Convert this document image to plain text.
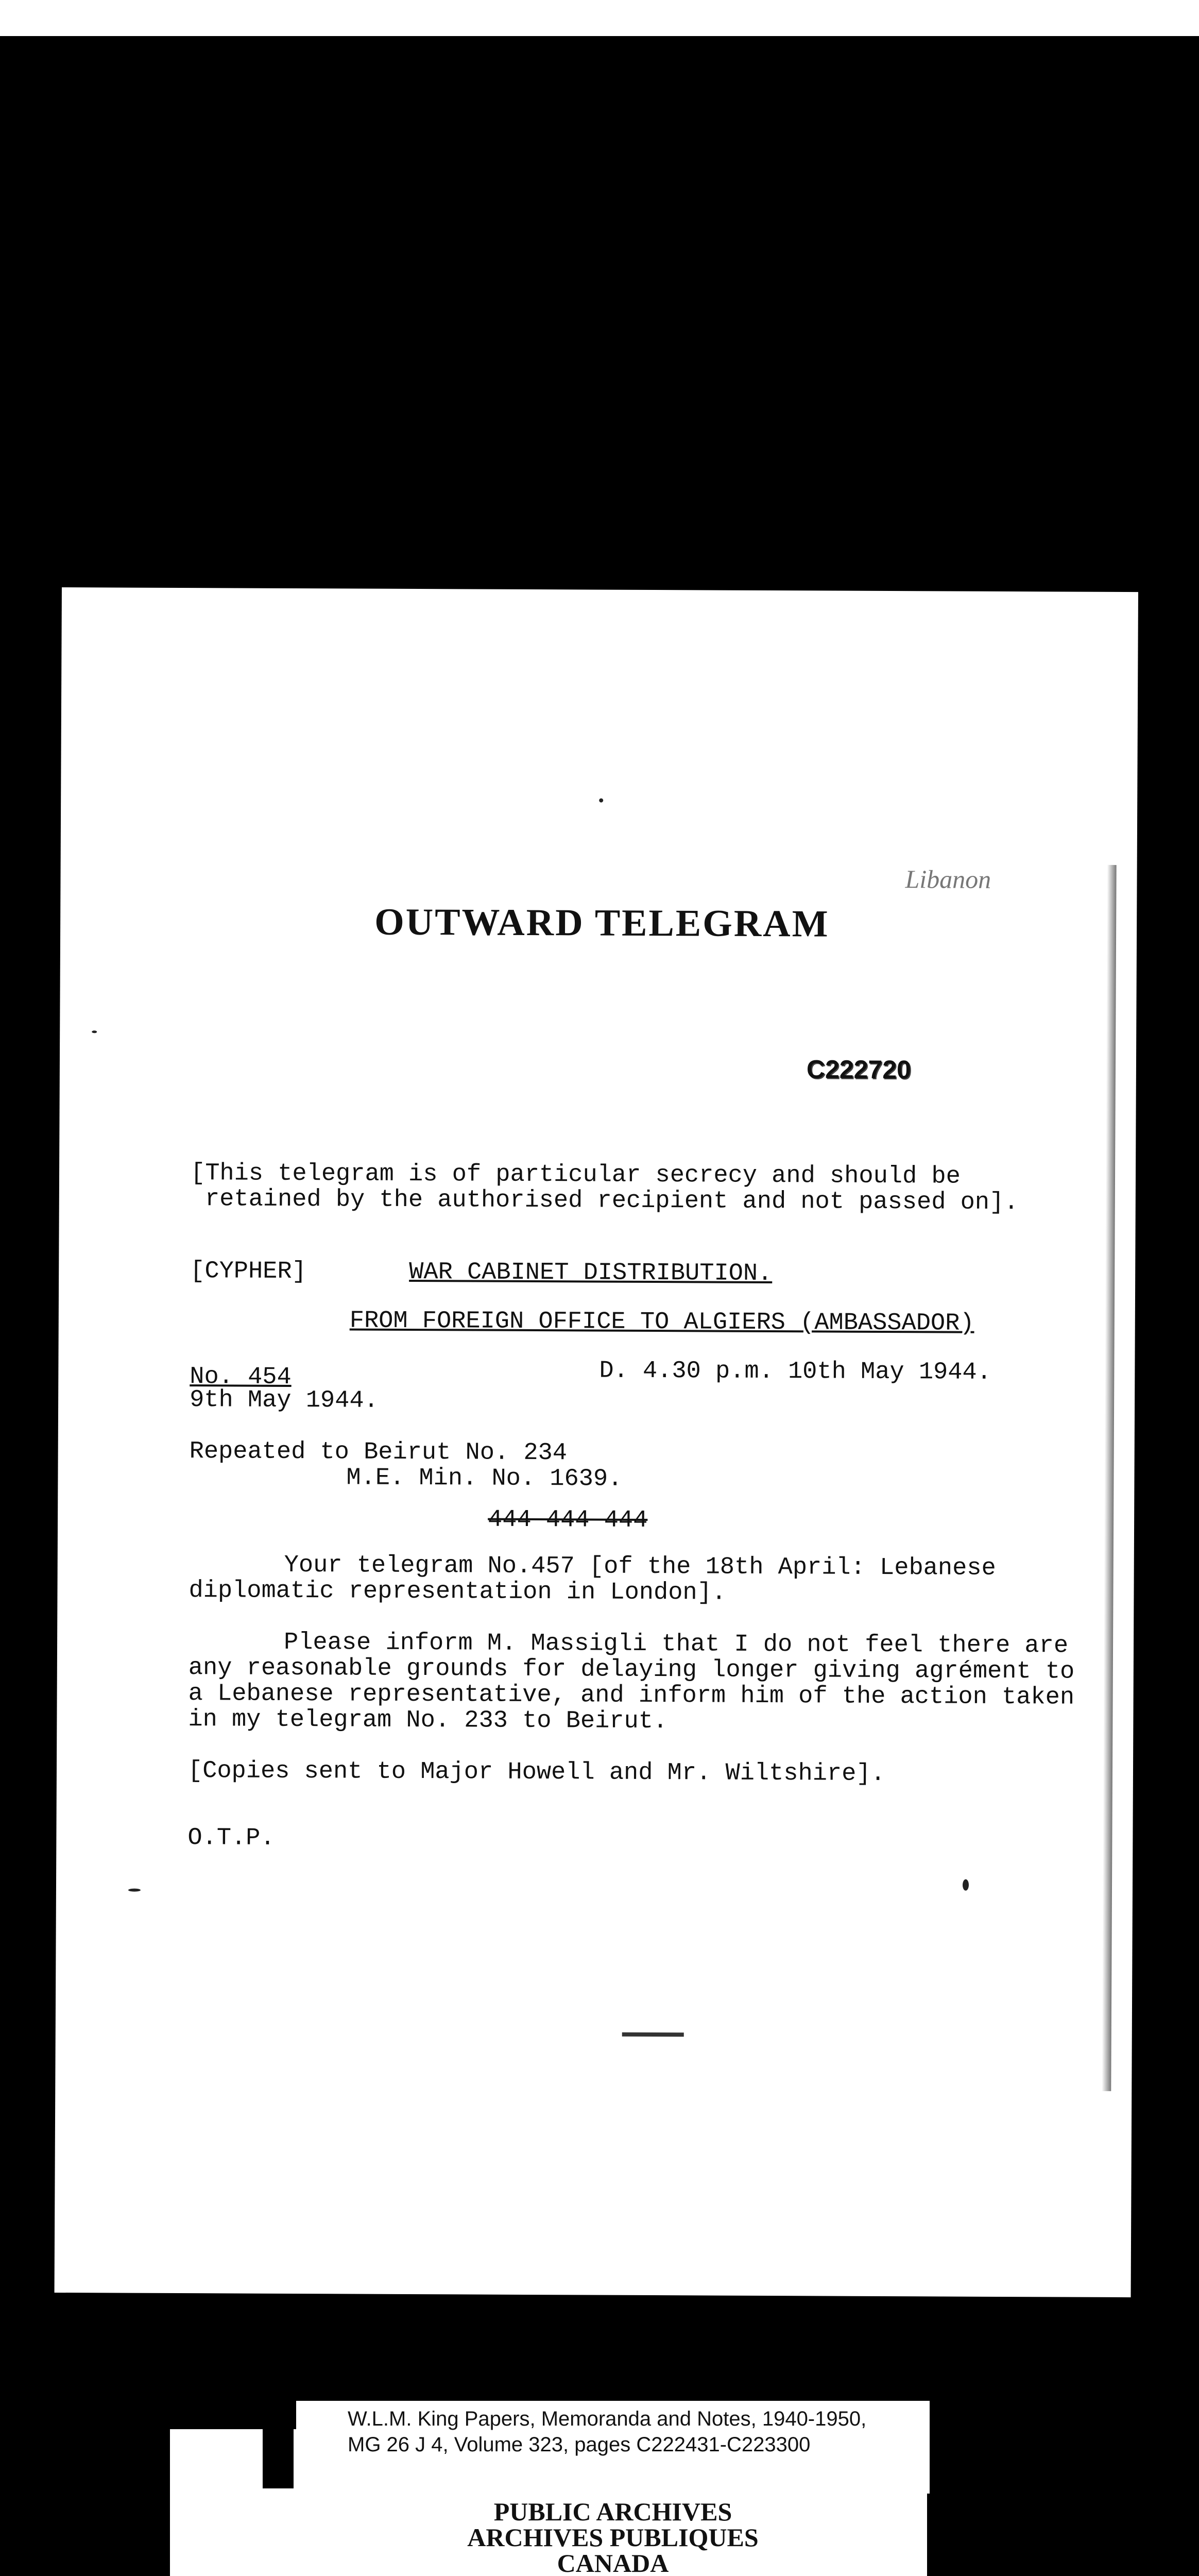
Libanon
OUTWARD TELEGRAM
C222720
[This telegram is of particular secrecy and should be
retained by the authorised recipient and not passed on].
[CYPHER]	WAR CABINET DISTRIBUTION.
FROM FOREIGN OFFICE TO ALGIERS (AMBASSADOR)
No. 454	D. 4.30 p.m. 10th May 1944.
9th May 1944.
Repeated to Beirut No. 234
M.E. Min. No. 1639.
444 444 444
Your telegram No.457 [of the 18th April: Lebanese
diplomatic representation in London].
Please inform M. Massigli that I do not feel there are
any reasonable grounds for delaying longer giving agrément to
a Lebanese representative, and inform him of the action taken
in my telegram No. 233 to Beirut.
[Copies sent to Major Howell and Mr. Wiltshire].
O.T.P.
W.L.M. King Papers, Memoranda and Notes, 1940-1950,
MG 26 J 4, Volume 323, pages C222431-C223300
PUBLIC ARCHIVES
ARCHIVES PUBLIQUES
CANADA
